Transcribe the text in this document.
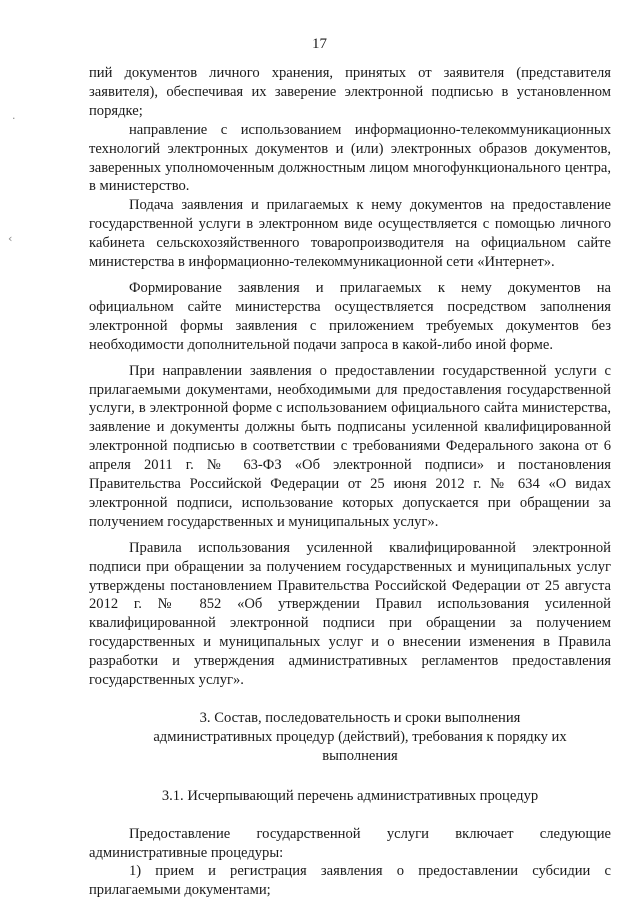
17
·
‹

пий документов личного хранения, принятых от заявителя (представителя заявителя), обеспечивая их заверение электронной подписью в установленном порядке;

направление с использованием информационно-телекоммуникационных технологий электронных документов и (или) электронных образов документов, заверенных уполномоченным должностным лицом многофункционального центра, в министерство.

Подача заявления и прилагаемых к нему документов на предоставление государственной услуги в электронном виде осуществляется с помощью личного кабинета сельскохозяйственного товаропроизводителя на официальном сайте министерства в информационно-телекоммуникационной сети «Интернет».

Формирование заявления и прилагаемых к нему документов на официальном сайте министерства осуществляется посредством заполнения электронной формы заявления с приложением требуемых документов без необходимости дополнительной подачи запроса в какой-либо иной форме.

При направлении заявления о предоставлении государственной услуги с прилагаемыми документами, необходимыми для предоставления государственной услуги, в электронной форме с использованием официального сайта министерства, заявление и документы должны быть подписаны усиленной квалифицированной электронной подписью в соответствии с требованиями Федерального закона от 6 апреля 2011 г. № 63-ФЗ «Об электронной подписи» и постановления Правительства Российской Федерации от 25 июня 2012 г. № 634 «О видах электронной подписи, использование которых допускается при обращении за получением государственных и муниципальных услуг».

Правила использования усиленной квалифицированной электронной подписи при обращении за получением государственных и муниципальных услуг утверждены постановлением Правительства Российской Федерации от 25 августа 2012 г. № 852 «Об утверждении Правил использования усиленной квалифицированной электронной подписи при обращении за получением государственных и муниципальных услуг и о внесении изменения в Правила разработки и утверждения административных регламентов предоставления государственных услуг».

3. Состав, последовательность и сроки выполнения административных процедур (действий), требования к порядку их выполнения

3.1. Исчерпывающий перечень административных процедур

Предоставление государственной услуги включает следующие административные процедуры:

1) прием и регистрация заявления о предоставлении субсидии с прилагаемыми документами;
